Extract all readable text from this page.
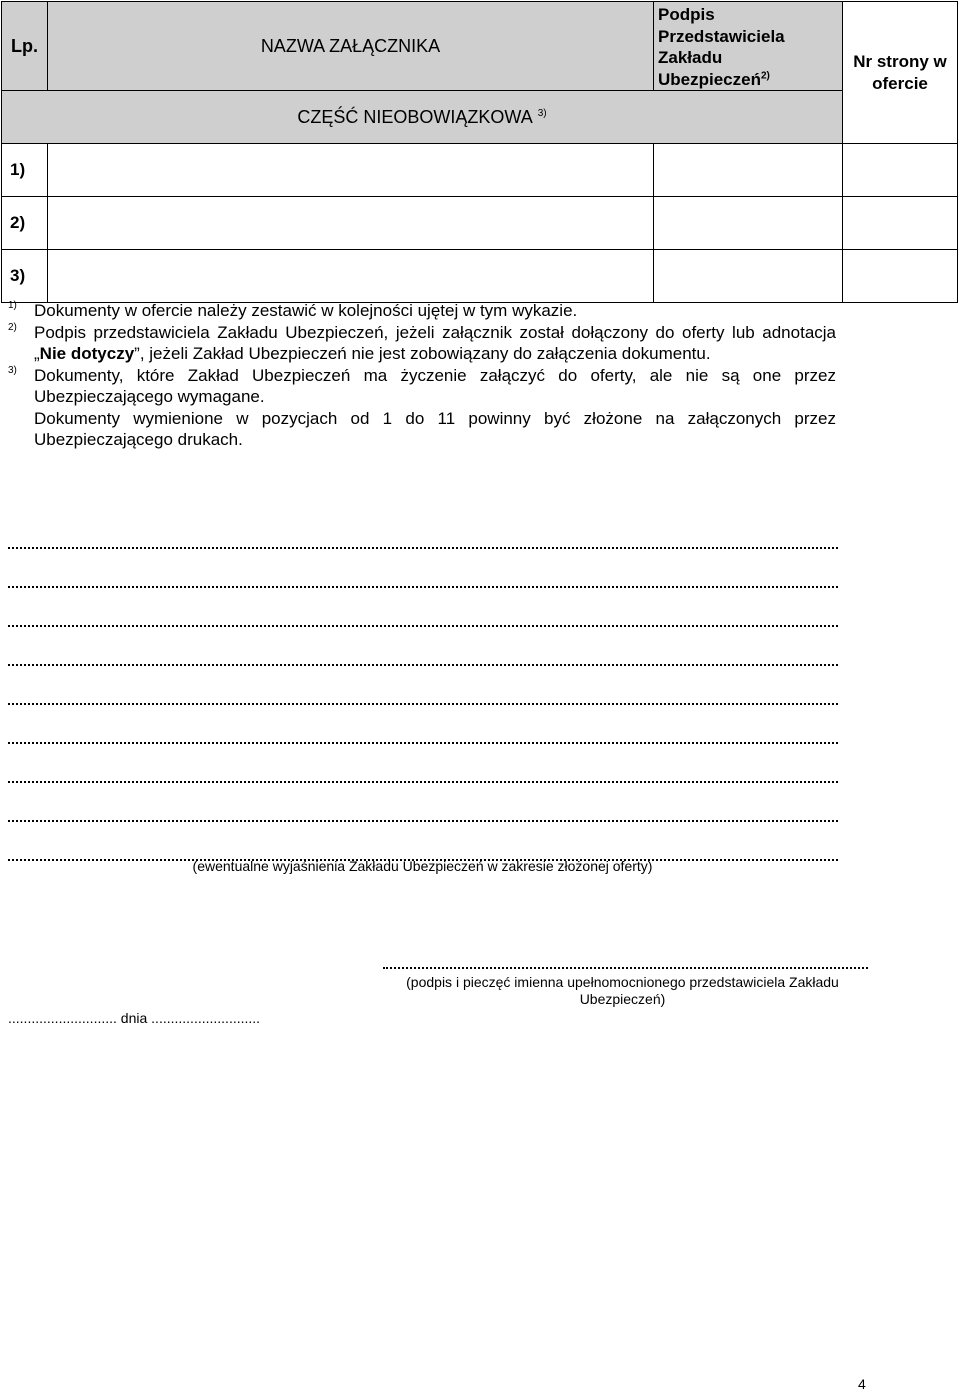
Lp.	NAZWA ZAŁĄCZNIKA	Podpis Przedstawiciela Zakładu Ubezpieczeń$^{2)}$	Nr strony w ofercie
CZĘŚĆ NIEOBOWIĄZKOWA $^{3)}$
1)			
2)			
3)			
1) Dokumenty w ofercie należy zestawić w kolejności ujętej w tym wykazie.
2) Podpis przedstawiciela Zakładu Ubezpieczeń, jeżeli załącznik został dołączony do oferty lub adnotacja „Nie dotyczy”, jeżeli Zakład Ubezpieczeń nie jest zobowiązany do załączenia dokumentu.
3) Dokumenty, które Zakład Ubezpieczeń ma życzenie załączyć do oferty, ale nie są one przez Ubezpieczającego wymagane.
Dokumenty wymienione w pozycjach od 1 do 11 powinny być złożone na załączonych przez Ubezpieczającego drukach.
(ewentualne wyjaśnienia Zakładu Ubezpieczeń w zakresie złożonej oferty)
(podpis i pieczęć imienna upełnomocnionego przedstawiciela Zakładu Ubezpieczeń)
............................ dnia ............................
4
